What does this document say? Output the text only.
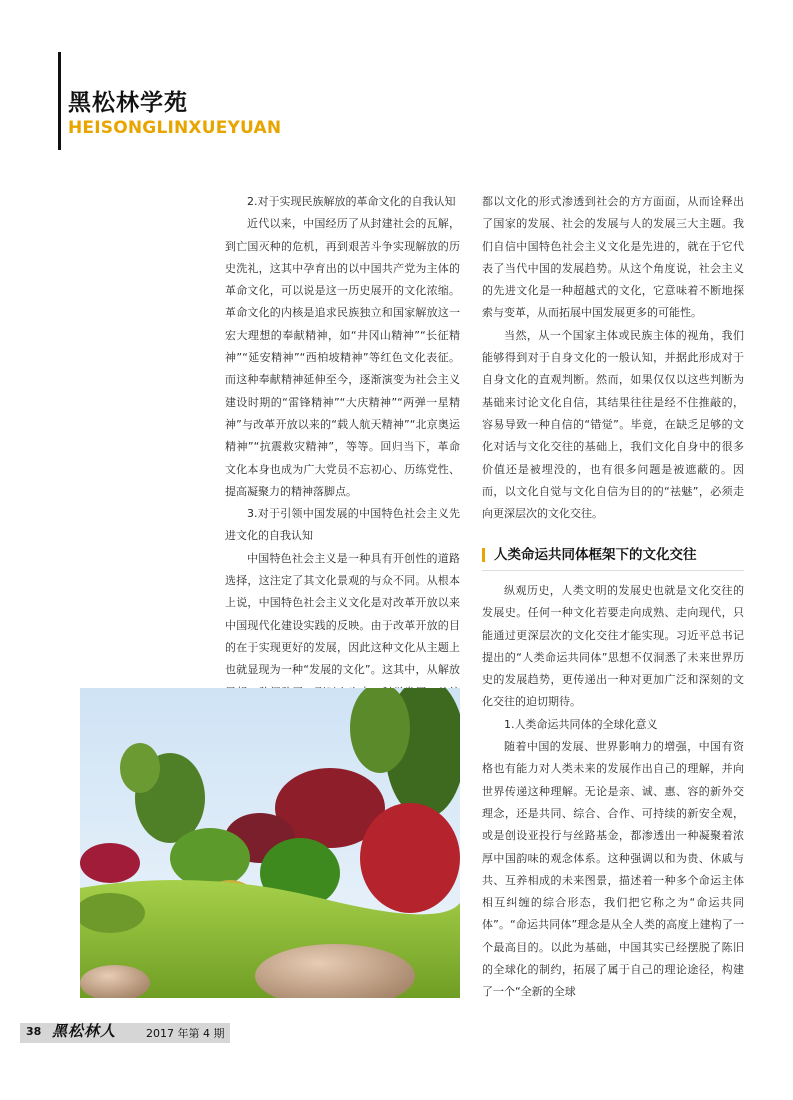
黑松林学苑
HEISONGLINXUEYUAN

2.对于实现民族解放的革命文化的自我认知

近代以来，中国经历了从封建社会的瓦解，到亡国灭种的危机，再到艰苦斗争实现解放的历史洗礼，这其中孕育出的以中国共产党为主体的革命文化，可以说是这一历史展开的文化浓缩。革命文化的内核是追求民族独立和国家解放这一宏大理想的奉献精神，如“井冈山精神”“长征精神”“延安精神”“西柏坡精神”等红色文化表征。而这种奉献精神延伸至今，逐渐演变为社会主义建设时期的“雷锋精神”“大庆精神”“两弹一星精神”与改革开放以来的“载人航天精神”“北京奥运精神”“抗震救灾精神”，等等。回归当下，革命文化本身也成为广大党员不忘初心、历练党性、提高凝聚力的精神落脚点。

3.对于引领中国发展的中国特色社会主义先进文化的自我认知

中国特色社会主义是一种具有开创性的道路选择，这注定了其文化景观的与众不同。从根本上说，中国特色社会主义文化是对改革开放以来中国现代化建设实践的反映。由于改革开放的目的在于实现更好的发展，因此这种文化从主题上也就显现为一种“发展的文化”。这其中，从解放

都以文化的形式渗透到社会的方方面面，从而诠释出了国家的发展、社会的发展与人的发展三大主题。我们自信中国特色社会主义文化是先进的，就在于它代表了当代中国的发展趋势。从这个角度说，社会主义的先进文化是一种超越式的文化，它意味着不断地探索与变革，从而拓展中国发展更多的可能性。

当然，从一个国家主体或民族主体的视角，我们能够得到对于自身文化的一般认知，并据此形成对于自身文化的直观判断。然而，如果仅仅以这些判断为基础来讨论文化自信，其结果往往是经不住推敲的，容易导致一种自信的“错觉”。毕竟，在缺乏足够的文化对话与文化交往的基础上，我们文化自身中的很多价值还是被埋没的，也有很多问题是被遮蔽的。因而，以文化自觉与文化自信为目的的“祛魅”，必须走向更深层次的文化交往。

人类命运共同体框架下的文化交往

纵观历史，人类文明的发展史也就是文化交往的发展史。任何一种文化若要走向成熟、走向现代，只能通过更深层次的文化交往才能实现。习近平总书记提出的“人类命运共同体”思想不仅洞悉了未来世界历史的发展趋势，更传递出一种对更加广泛和深刻的文化交往的迫切期待。

1.人类命运共同体的全球化意义

随着中国的发展、世界影响力的增强，中国有资格也有能力对人类未来的发展作出自己的理解，并向世界传递这种理解。无论是亲、诚、惠、容的新外交理念，还是共同、综合、合作、可持续的新安全观，或是创设亚投行与丝路基金，都渗透出一种凝聚着浓厚中国韵味的观念体系。这种强调以和为贵、休戚与共、互养相成的未来图景，描述着一种多个命运主体相互纠缠的综合形态，我们把它称之为“命运共同体”。“命运共同体”理念是从全人类的高度上建构了一个最高目的。以此为基础，中国其实已经摆脱了陈旧的全球化的制约，拓展了属于自己的理论途径，构建了一个“全新的全球

38 黑松林人	2017 年第 4 期
